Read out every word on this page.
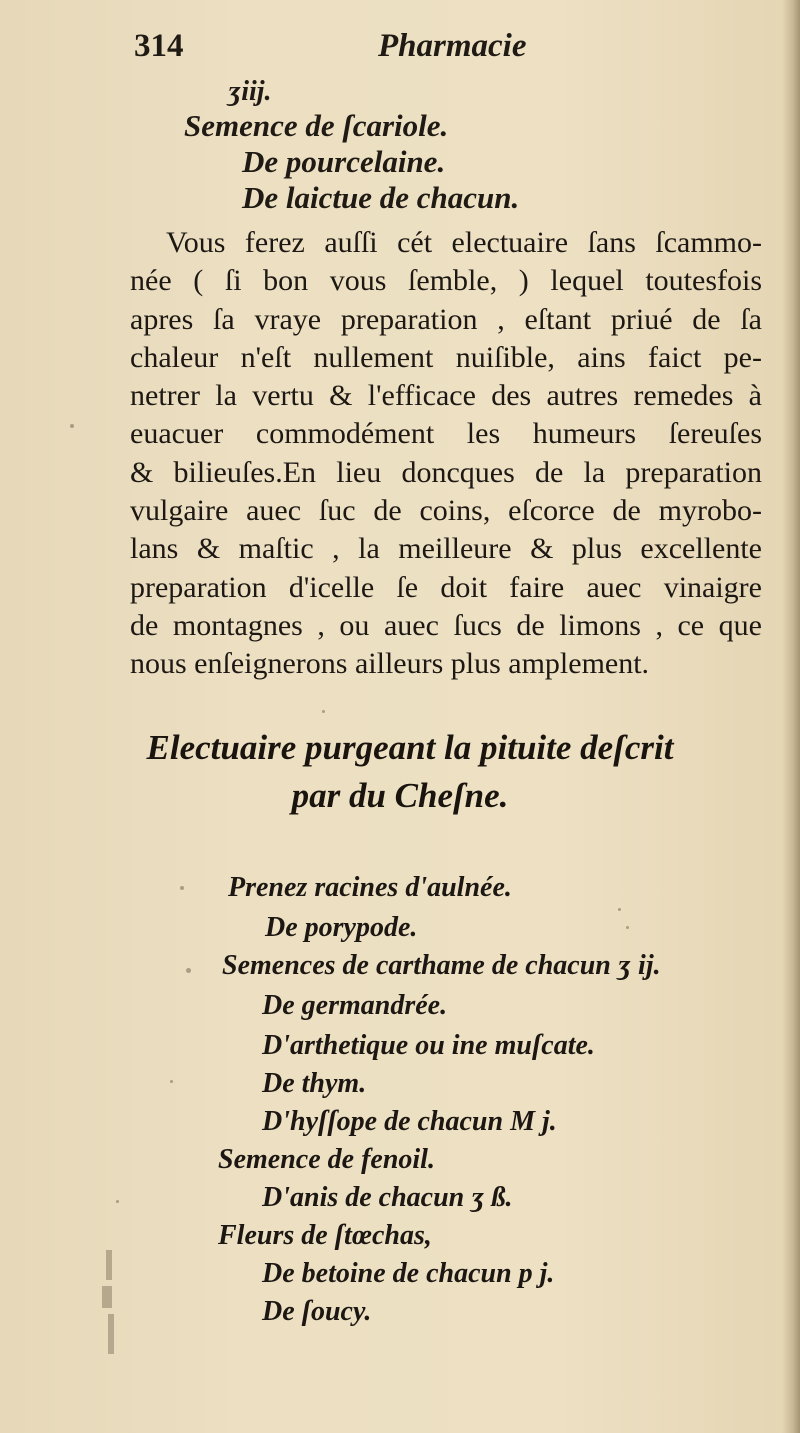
314	Pharmacie
ʒiij.
Semence de ſcariole.
De pourcelaine.
De laictue de chacun.
Vous ferez auſſi cét electuaire ſans ſcammo-
née ( ſi bon vous ſemble, ) lequel toutesfois
apres ſa vraye preparation , eſtant priué de ſa
chaleur n'eſt nullement nuiſible, ains faict pe-
netrer la vertu & l'efficace des autres remedes à
euacuer commodément les humeurs ſereuſes
& bilieuſes.En lieu doncques de la preparation
vulgaire auec ſuc de coins, eſcorce de myrobo-
lans & maſtic , la meilleure & plus excellente
preparation d'icelle ſe doit faire auec vinaigre
de montagnes , ou auec ſucs de limons , ce que
nous enſeignerons ailleurs plus amplement.
Electuaire purgeant la pituite deſcrit
par du Cheſne.
Prenez racines d'aulnée.
De porypode.
Semences de carthame de chacun ʒ ij.
De germandrée.
D'arthetique ou ine muſcate.
De thym.
D'hyſſope de chacun M j.
Semence de fenoil.
D'anis de chacun ʒ ß.
Fleurs de ſtœchas,
De betoine de chacun p j.
De ſoucy.
